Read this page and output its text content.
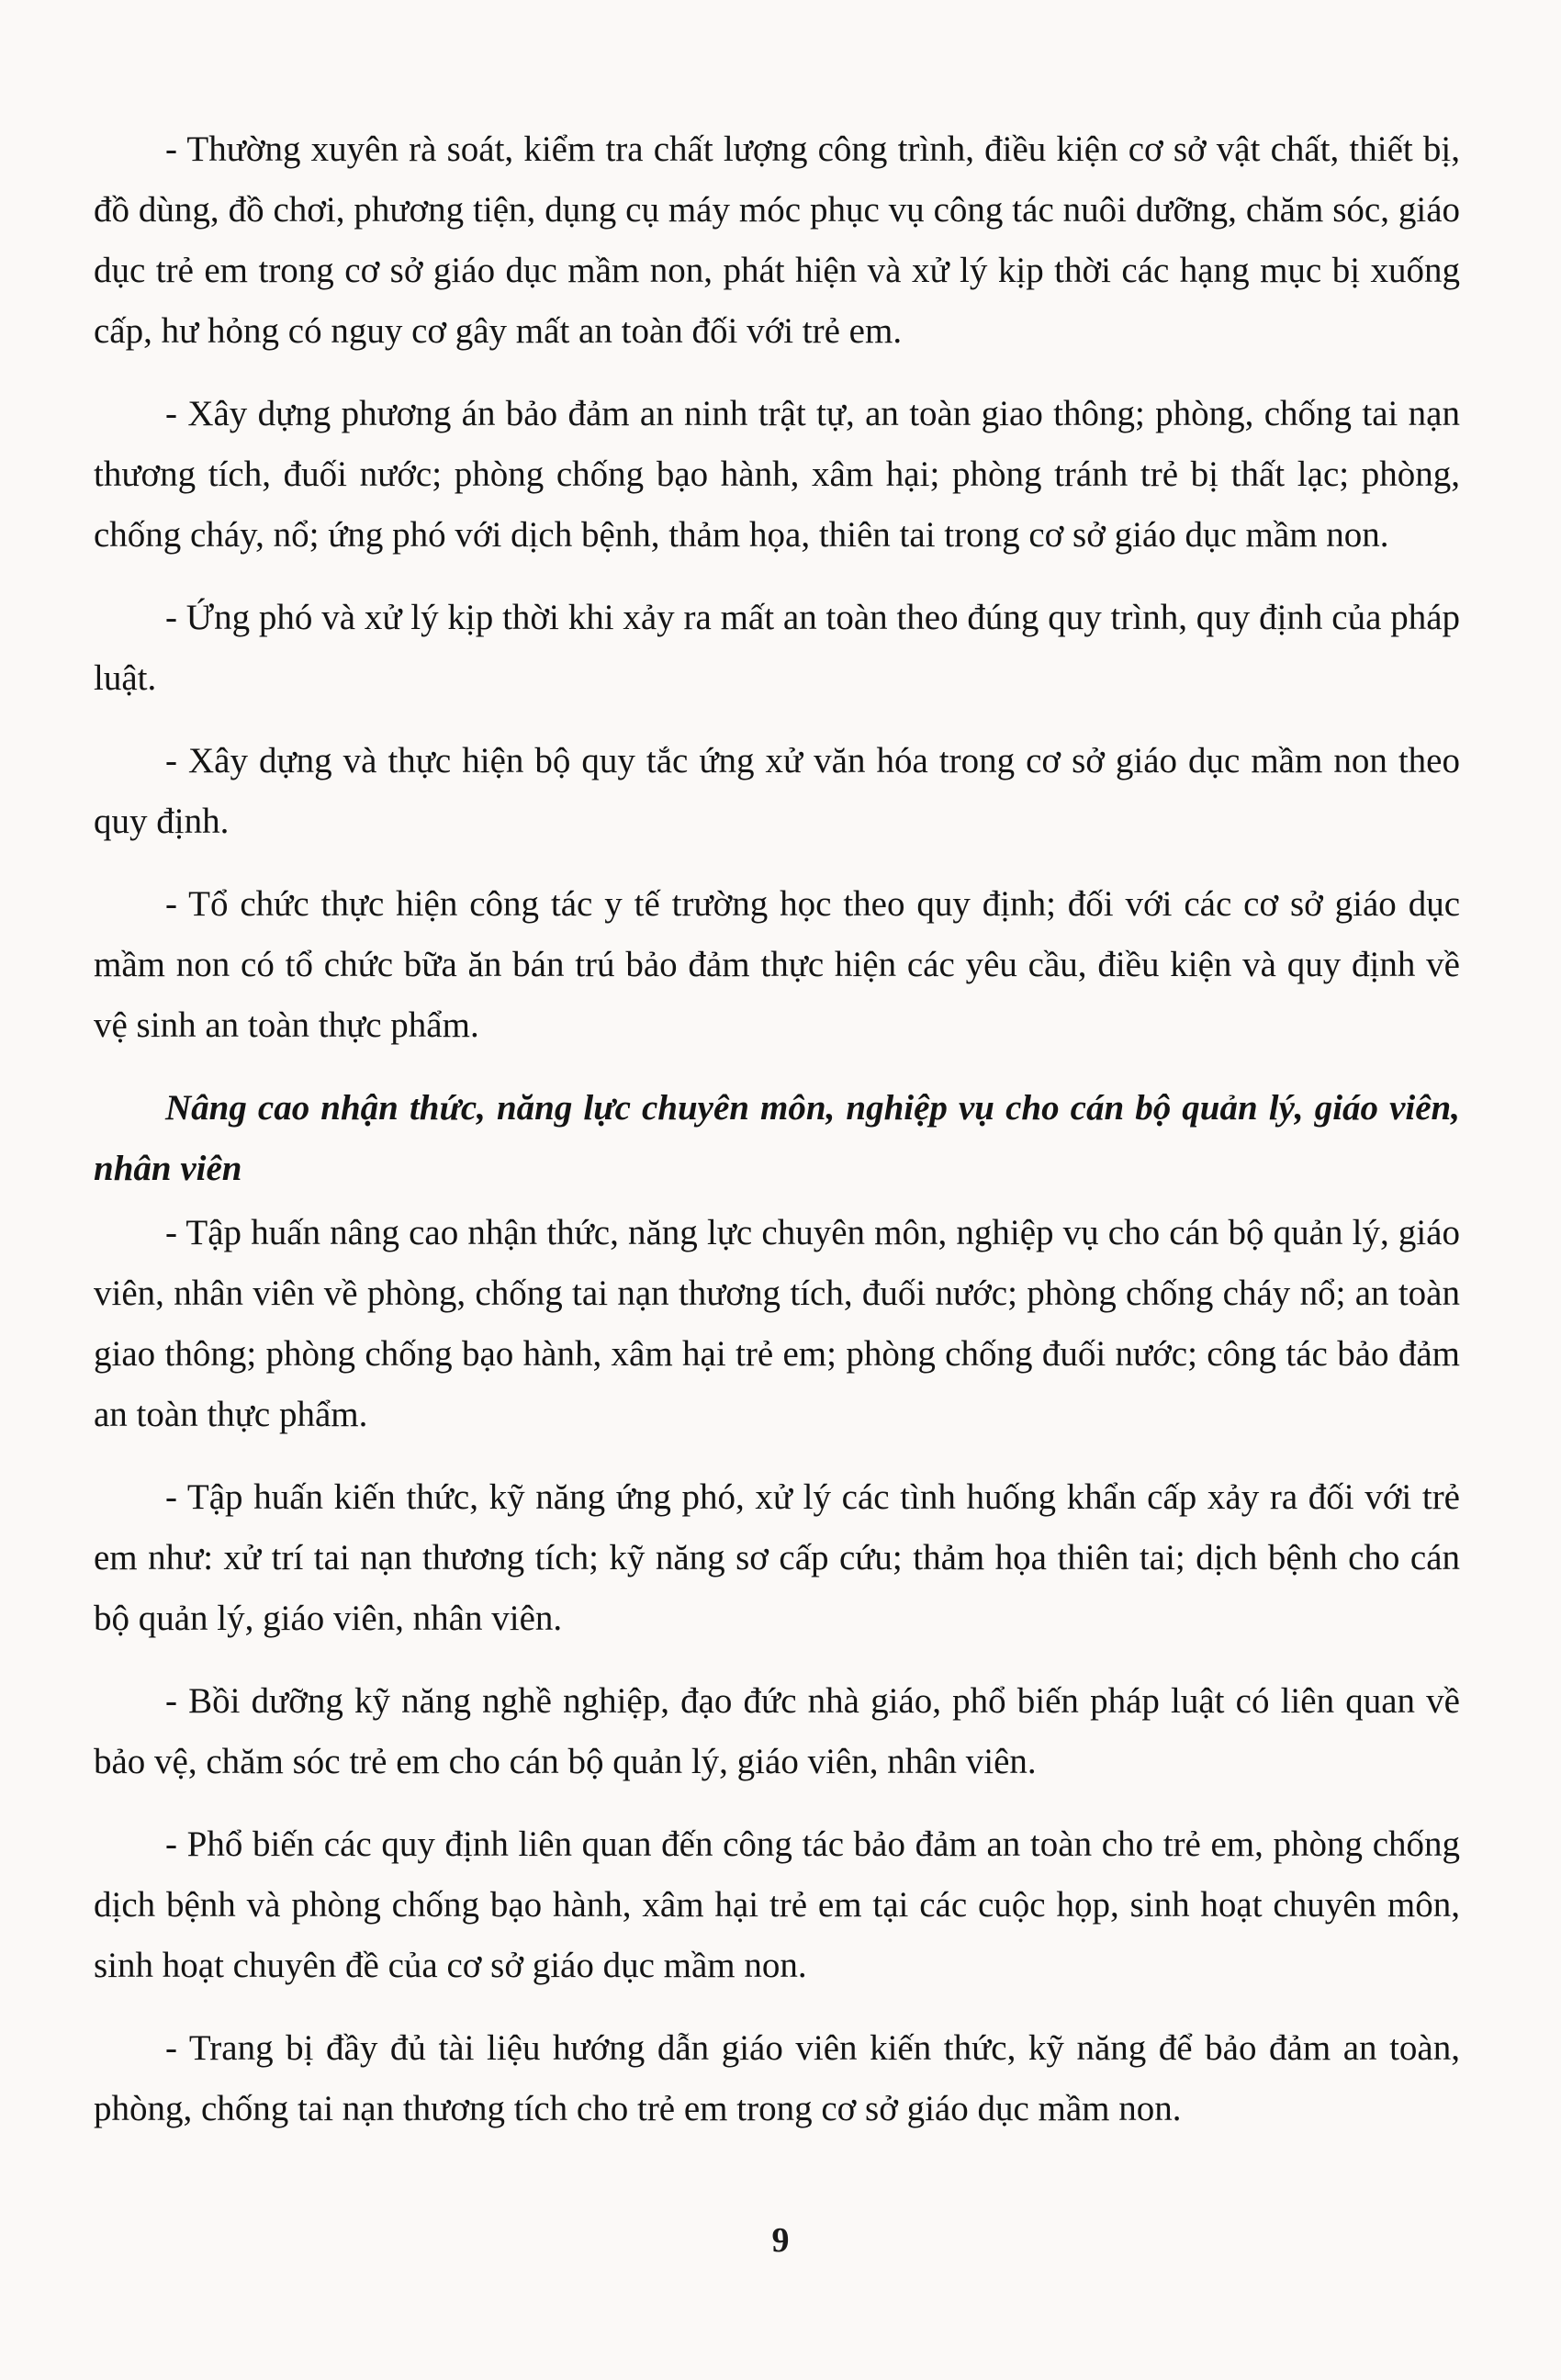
- Thường xuyên rà soát, kiểm tra chất lượng công trình, điều kiện cơ sở vật chất, thiết bị, đồ dùng, đồ chơi, phương tiện, dụng cụ máy móc phục vụ công tác nuôi dưỡng, chăm sóc, giáo dục trẻ em trong cơ sở giáo dục mầm non, phát hiện và xử lý kịp thời các hạng mục bị xuống cấp, hư hỏng có nguy cơ gây mất an toàn đối với trẻ em.

- Xây dựng phương án bảo đảm an ninh trật tự, an toàn giao thông; phòng, chống tai nạn thương tích, đuối nước; phòng chống bạo hành, xâm hại; phòng tránh trẻ bị thất lạc; phòng, chống cháy, nổ; ứng phó với dịch bệnh, thảm họa, thiên tai trong cơ sở giáo dục mầm non.

- Ứng phó và xử lý kịp thời khi xảy ra mất an toàn theo đúng quy trình, quy định của pháp luật.

- Xây dựng và thực hiện bộ quy tắc ứng xử văn hóa trong cơ sở giáo dục mầm non theo quy định.

- Tổ chức thực hiện công tác y tế trường học theo quy định; đối với các cơ sở giáo dục mầm non có tổ chức bữa ăn bán trú bảo đảm thực hiện các yêu cầu, điều kiện và quy định về vệ sinh an toàn thực phẩm.

Nâng cao nhận thức, năng lực chuyên môn, nghiệp vụ cho cán bộ quản lý, giáo viên, nhân viên

- Tập huấn nâng cao nhận thức, năng lực chuyên môn, nghiệp vụ cho cán bộ quản lý, giáo viên, nhân viên về phòng, chống tai nạn thương tích, đuối nước; phòng chống cháy nổ; an toàn giao thông; phòng chống bạo hành, xâm hại trẻ em; phòng chống đuối nước; công tác bảo đảm an toàn thực phẩm.

- Tập huấn kiến thức, kỹ năng ứng phó, xử lý các tình huống khẩn cấp xảy ra đối với trẻ em như: xử trí tai nạn thương tích; kỹ năng sơ cấp cứu; thảm họa thiên tai; dịch bệnh cho cán bộ quản lý, giáo viên, nhân viên.

- Bồi dưỡng kỹ năng nghề nghiệp, đạo đức nhà giáo, phổ biến pháp luật có liên quan về bảo vệ, chăm sóc trẻ em cho cán bộ quản lý, giáo viên, nhân viên.

- Phổ biến các quy định liên quan đến công tác bảo đảm an toàn cho trẻ em, phòng chống dịch bệnh và phòng chống bạo hành, xâm hại trẻ em tại các cuộc họp, sinh hoạt chuyên môn, sinh hoạt chuyên đề của cơ sở giáo dục mầm non.

- Trang bị đầy đủ tài liệu hướng dẫn giáo viên kiến thức, kỹ năng để bảo đảm an toàn, phòng, chống tai nạn thương tích cho trẻ em trong cơ sở giáo dục mầm non.

9
